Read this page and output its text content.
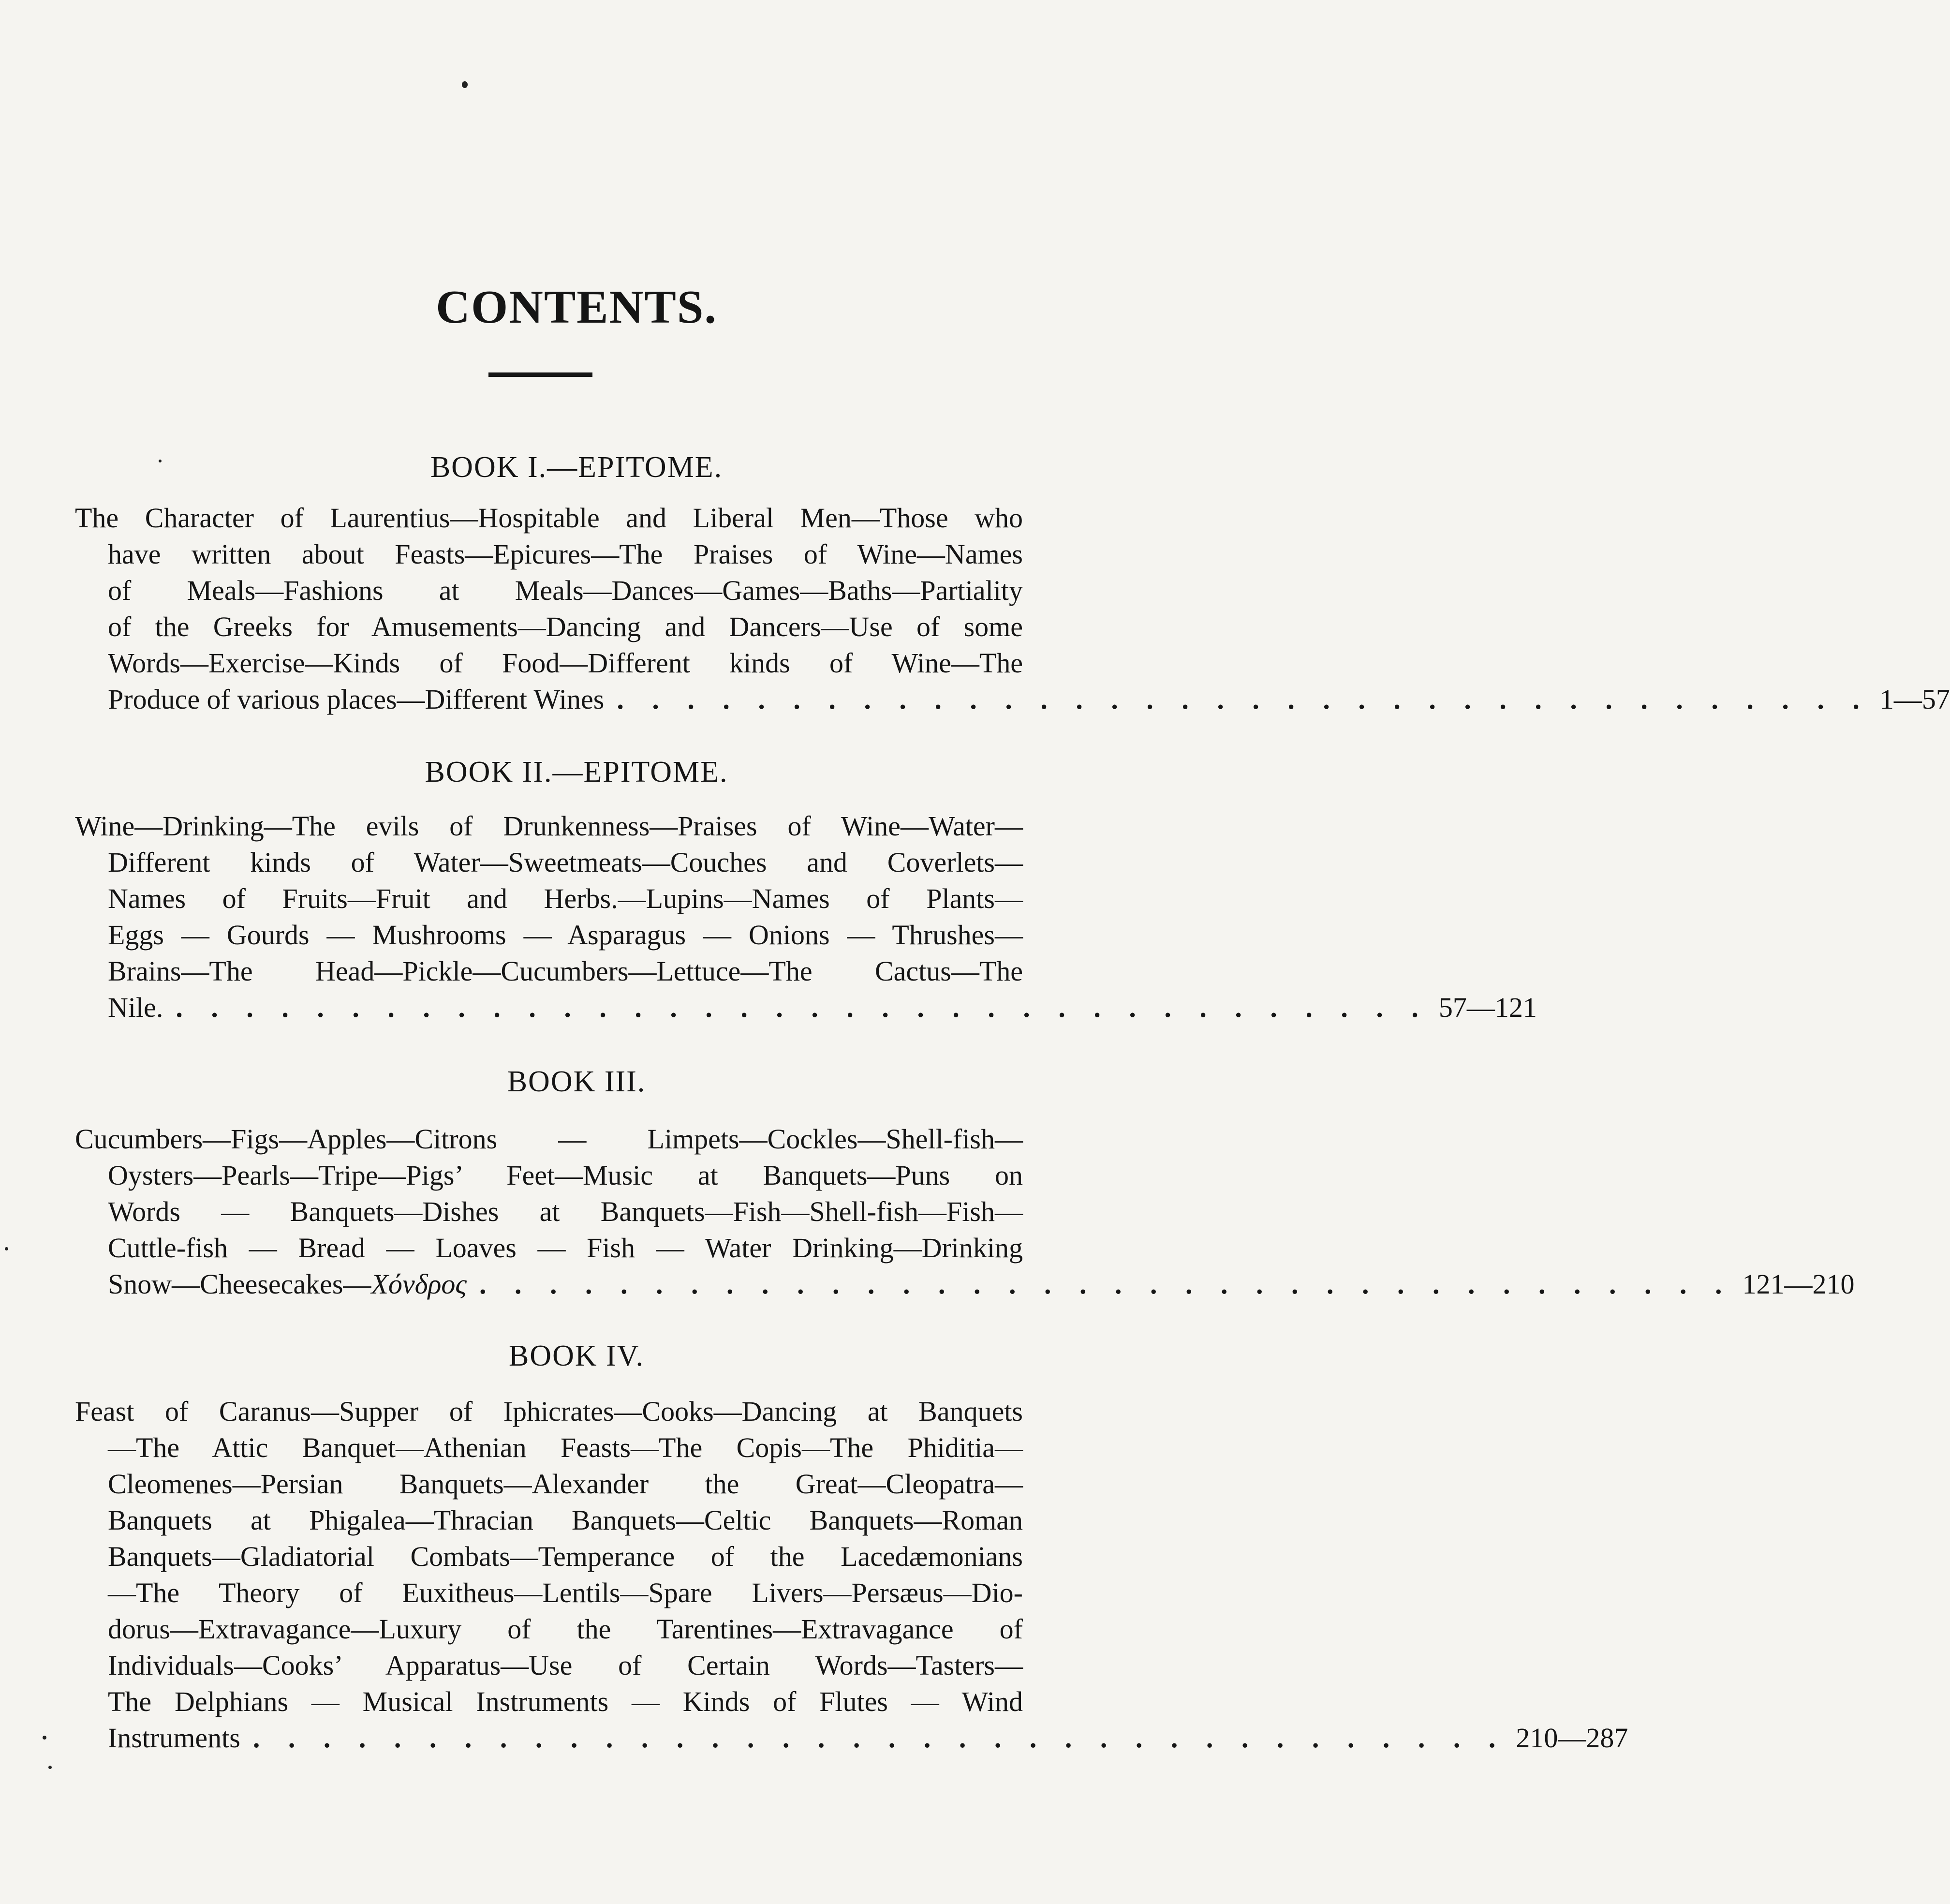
CONTENTS.
BOOK I.—EPITOME.
The Character of Laurentius—Hospitable and Liberal Men—Those who
have written about Feasts—Epicures—The Praises of Wine—Names
of Meals—Fashions at Meals—Dances—Games—Baths—Partiality
of the Greeks for Amusements—Dancing and Dancers—Use of some
Words—Exercise—Kinds of Food—Different kinds of Wine—The
Produce of various places—Different Wines . . . . . . . . . . . . . . . . . . . . . . . . . . . . . . . . . . . . 1—57
BOOK II.—EPITOME.
Wine—Drinking—The evils of Drunkenness—Praises of Wine—Water—
Different kinds of Water—Sweetmeats—Couches and Coverlets—
Names of Fruits—Fruit and Herbs.—Lupins—Names of Plants—
Eggs — Gourds — Mushrooms — Asparagus — Onions — Thrushes—
Brains—The Head—Pickle—Cucumbers—Lettuce—The Cactus—The
Nile. . . . . . . . . . . . . . . . . . . . . . . . . . . . . . . . . . . . . 57—121
BOOK III.
Cucumbers—Figs—Apples—Citrons — Limpets—Cockles—Shell-fish—
Oysters—Pearls—Tripe—Pigs’ Feet—Music at Banquets—Puns on
Words — Banquets—Dishes at Banquets—Fish—Shell-fish—Fish—
Cuttle-fish — Bread — Loaves — Fish — Water Drinking—Drinking
Snow—Cheesecakes— Χόνδρος . . . . . . . . . . . . . . . . . . . . . . . . . . . . . . . . . . . . 121—210
BOOK IV.
Feast of Caranus—Supper of Iphicrates—Cooks—Dancing at Banquets
—The Attic Banquet—Athenian Feasts—The Copis—The Phiditia—
Cleomenes—Persian Banquets—Alexander the Great—Cleopatra—
Banquets at Phigalea—Thracian Banquets—Celtic Banquets—Roman
Banquets—Gladiatorial Combats—Temperance of the Lacedæmonians
—The Theory of Euxitheus—Lentils—Spare Livers—Persæus—Dio-
dorus—Extravagance—Luxury of the Tarentines—Extravagance of
Individuals—Cooks’ Apparatus—Use of Certain Words—Tasters—
The Delphians — Musical Instruments — Kinds of Flutes — Wind
Instruments . . . . . . . . . . . . . . . . . . . . . . . . . . . . . . . . . . . . 210—287
